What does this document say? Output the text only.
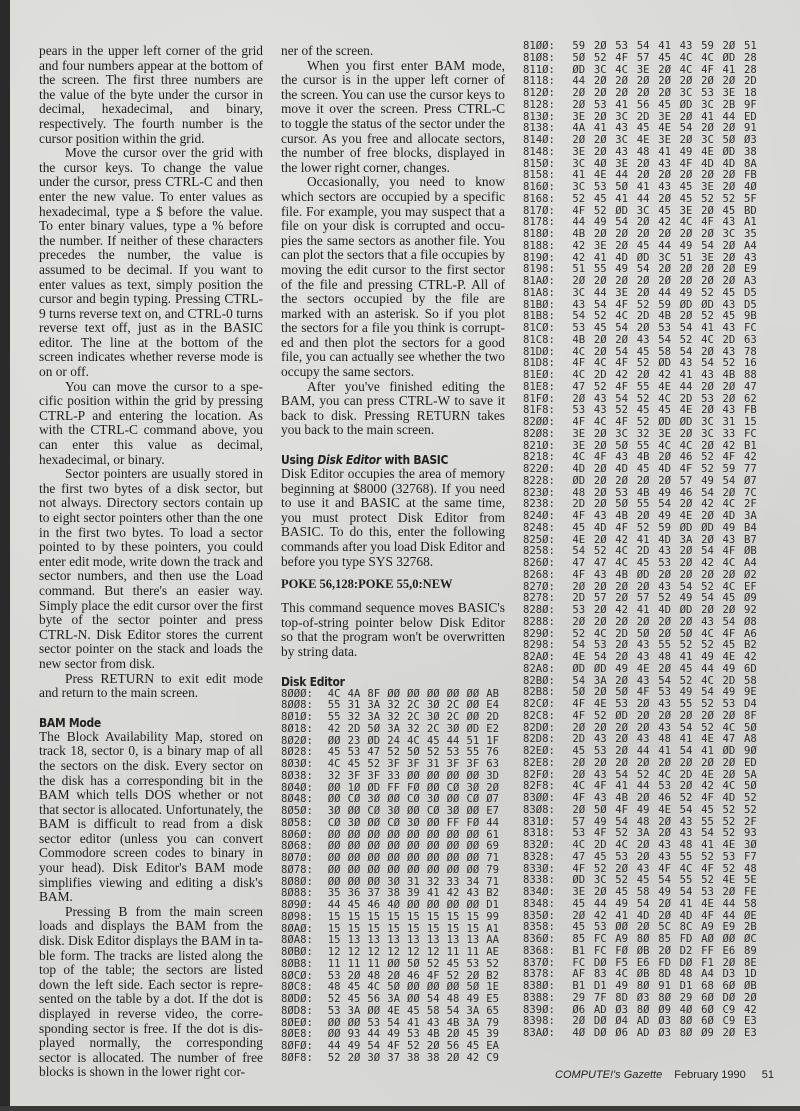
pears in the upper left corner of the grid and four numbers appear at the bottom of the screen. The first three numbers are the value of the byte under the cursor in decimal, hexadecimal, and binary, respectively. The fourth number is the cursor position within the grid.

Move the cursor over the grid with the cursor keys. To change the value under the cursor, press CTRL-C and then enter the new value. To enter values as hexadecimal, type a $ before the value. To enter binary values, type a % before the number. If neither of these characters precedes the number, the value is assumed to be decimal. If you want to enter values as text, simply position the cursor and begin typing. Pressing CTRL-9 turns reverse text on, and CTRL-0 turns reverse text off, just as in the BASIC editor. The line at the bottom of the screen indicates whether reverse mode is on or off.

You can move the cursor to a specific position within the grid by pressing CTRL-P and entering the location. As with the CTRL-C command above, you can enter this value as decimal, hexadecimal, or binary.

Sector pointers are usually stored in the first two bytes of a disk sector, but not always. Directory sectors contain up to eight sector pointers other than the one in the first two bytes. To load a sector pointed to by these pointers, you could enter edit mode, write down the track and sector numbers, and then use the Load command. But there's an easier way. Simply place the edit cursor over the first byte of the sector pointer and press CTRL-N. Disk Editor stores the current sector pointer on the stack and loads the new sector from disk.

Press RETURN to exit edit mode and return to the main screen.

BAM Mode

The Block Availability Map, stored on track 18, sector 0, is a binary map of all the sectors on the disk. Every sector on the disk has a corresponding bit in the BAM which tells DOS whether or not that sector is allocated. Unfortunately, the BAM is difficult to read from a disk sector editor (unless you can convert Commodore screen codes to binary in your head). Disk Editor's BAM mode simplifies viewing and editing a disk's BAM.

Pressing B from the main screen loads and displays the BAM from the disk. Disk Editor displays the BAM in table form. The tracks are listed along the top of the table; the sectors are listed down the left side. Each sector is represented on the table by a dot. If the dot is displayed in reverse video, the corresponding sector is free. If the dot is displayed normally, the corresponding sector is allocated. The number of free blocks is shown in the lower right cor-

ner of the screen.

When you first enter BAM mode, the cursor is in the upper left corner of the screen. You can use the cursor keys to move it over the screen. Press CTRL-C to toggle the status of the sector under the cursor. As you free and allocate sectors, the number of free blocks, displayed in the lower right corner, changes.

Occasionally, you need to know which sectors are occupied by a specific file. For example, you may suspect that a file on your disk is corrupted and occupies the same sectors as another file. You can plot the sectors that a file occupies by moving the edit cursor to the first sector of the file and pressing CTRL-P. All of the sectors occupied by the file are marked with an asterisk. So if you plot the sectors for a file you think is corrupted and then plot the sectors for a good file, you can actually see whether the two occupy the same sectors.

After you've finished editing the BAM, you can press CTRL-W to save it back to disk. Pressing RETURN takes you back to the main screen.

Using Disk Editor with BASIC

Disk Editor occupies the area of memory beginning at $8000 (32768). If you need to use it and BASIC at the same time, you must protect Disk Editor from BASIC. To do this, enter the following commands after you load Disk Editor and before you type SYS 32768.

POKE 56,128:POKE 55,0:NEW

This command sequence moves BASIC's top-of-string pointer below Disk Editor so that the program won't be overwritten by string data.

Disk Editor
8ØØØ:	4C 4A 8F ØØ ØØ ØØ ØØ ØØ AB
8ØØ8:	55 31 3A 32 2C 3Ø 2C ØØ E4
8Ø1Ø:	55 32 3A 32 2C 3Ø 2C ØØ 2D
8Ø18:	42 2D 5Ø 3A 32 2C 3Ø ØD E2
8Ø2Ø:	ØØ 23 ØD 24 4C 45 44 51 1F
8Ø28:	45 53 47 52 5Ø 52 53 55 76
8Ø3Ø:	4C 45 52 3F 3F 31 3F 3F 63
8Ø38:	32 3F 3F 33 ØØ ØØ ØØ ØØ 3D
8Ø4Ø:	ØØ 1Ø ØD FF FØ ØØ CØ 3Ø 2Ø
8Ø48:	ØØ CØ 3Ø ØØ CØ 3Ø ØØ CØ Ø7
8Ø5Ø:	3Ø ØØ CØ 3Ø ØØ CØ 3Ø ØØ E7
8Ø58:	CØ 3Ø ØØ CØ 3Ø ØØ FF FØ 44
8Ø6Ø:	ØØ ØØ ØØ ØØ ØØ ØØ ØØ ØØ 61
8Ø68:	ØØ ØØ ØØ ØØ ØØ ØØ ØØ ØØ 69
8Ø7Ø:	ØØ ØØ ØØ ØØ ØØ ØØ ØØ ØØ 71
8Ø78:	ØØ ØØ ØØ ØØ ØØ ØØ ØØ ØØ 79
8Ø8Ø:	ØØ ØØ ØØ 3Ø 31 32 33 34 71
8Ø88:	35 36 37 38 39 41 42 43 B2
8Ø9Ø:	44 45 46 4Ø ØØ ØØ ØØ ØØ D1
8Ø98:	15 15 15 15 15 15 15 15 99
8ØAØ:	15 15 15 15 15 15 15 15 A1
8ØA8:	15 13 13 13 13 13 13 13 AA
8ØBØ:	12 12 12 12 12 12 11 11 AE
8ØB8:	11 11 11 ØØ 5Ø 52 45 53 52
8ØCØ:	53 2Ø 48 2Ø 46 4F 52 2Ø B2
8ØC8:	48 45 4C 5Ø ØØ ØØ ØØ 5Ø 1E
8ØDØ:	52 45 56 3A ØØ 54 48 49 E5
8ØD8:	53 3A ØØ 4E 45 58 54 3A 65
8ØEØ:	ØØ ØØ 53 54 41 43 4B 3A 79
8ØE8:	ØØ 93 44 49 53 4B 2Ø 45 39
8ØFØ:	44 49 54 4F 52 2Ø 56 45 EA
8ØF8:	52 2Ø 3Ø 37 38 38 2Ø 42 C9
81ØØ:	59 2Ø 53 54 41 43 59 2Ø 51
81Ø8:	5Ø 52 4F 57 45 4C 4C ØD 28
811Ø:	ØD 3C 4C 3E 2Ø 4C 4F 41 28
8118:	44 2Ø 2Ø 2Ø 2Ø 2Ø 2Ø 2Ø 2D
812Ø:	2Ø 2Ø 2Ø 2Ø 2Ø 3C 53 3E 18
8128:	2Ø 53 41 56 45 ØD 3C 2B 9F
813Ø:	3E 2Ø 3C 2D 3E 2Ø 41 44 ED
8138:	4A 41 43 45 4E 54 2Ø 2Ø 91
814Ø:	2Ø 2Ø 3C 4E 3E 2Ø 3C 5Ø Ø3
8148:	3E 2Ø 43 48 41 49 4E ØD 38
815Ø:	3C 4Ø 3E 2Ø 43 4F 4D 4D 8A
8158:	41 4E 44 2Ø 2Ø 2Ø 2Ø 2Ø FB
816Ø:	3C 53 5Ø 41 43 45 3E 2Ø 4Ø
8168:	52 45 41 44 2Ø 45 52 52 5F
817Ø:	4F 52 ØD 3C 45 3E 2Ø 45 BD
8178:	44 49 54 2Ø 42 4C 4F 43 A1
818Ø:	4B 2Ø 2Ø 2Ø 2Ø 2Ø 2Ø 3C 35
8188:	42 3E 2Ø 45 44 49 54 2Ø A4
819Ø:	42 41 4D ØD 3C 51 3E 2Ø 43
8198:	51 55 49 54 2Ø 2Ø 2Ø 2Ø E9
81AØ:	2Ø 2Ø 2Ø 2Ø 2Ø 2Ø 2Ø 2Ø A3
81A8:	3C 44 3E 2Ø 44 49 52 45 D5
81BØ:	43 54 4F 52 59 ØD ØD 43 D5
81B8:	54 52 4C 2D 4B 2Ø 52 45 9B
81CØ:	53 45 54 2Ø 53 54 41 43 FC
81C8:	4B 2Ø 2Ø 43 54 52 4C 2D 63
81DØ:	4C 2Ø 54 45 58 54 2Ø 43 78
81D8:	4F 4C 4F 52 ØD 43 54 52 16
81EØ:	4C 2D 42 2Ø 42 41 43 4B 88
81E8:	47 52 4F 55 4E 44 2Ø 2Ø 47
81FØ:	2Ø 43 54 52 4C 2D 53 2Ø 62
81F8:	53 43 52 45 45 4E 2Ø 43 FB
82ØØ:	4F 4C 4F 52 ØD ØD 3C 31 15
82Ø8:	3E 2Ø 3C 32 3E 2Ø 3C 33 FC
821Ø:	3E 2Ø 5Ø 55 4C 4C 2Ø 42 B1
8218:	4C 4F 43 4B 2Ø 46 52 4F 42
822Ø:	4D 2Ø 4D 45 4D 4F 52 59 77
8228:	ØD 2Ø 2Ø 2Ø 2Ø 57 49 54 Ø7
823Ø:	48 2Ø 53 4B 49 46 54 2Ø 7C
8238:	2D 2Ø 5Ø 55 54 2Ø 42 4C 2F
824Ø:	4F 43 4B 2Ø 49 4E 2Ø 4D 3A
8248:	45 4D 4F 52 59 ØD ØD 49 B4
825Ø:	4E 2Ø 42 41 4D 3A 2Ø 43 B7
8258:	54 52 4C 2D 43 2Ø 54 4F ØB
826Ø:	47 47 4C 45 53 2Ø 42 4C A4
8268:	4F 43 4B ØD 2Ø 2Ø 2Ø 2Ø Ø2
827Ø:	2Ø 2Ø 2Ø 2Ø 43 54 52 4C EF
8278:	2D 57 2Ø 57 52 49 54 45 Ø9
828Ø:	53 2Ø 42 41 4D ØD 2Ø 2Ø 92
8288:	2Ø 2Ø 2Ø 2Ø 2Ø 2Ø 43 54 Ø8
829Ø:	52 4C 2D 5Ø 2Ø 5Ø 4C 4F A6
8298:	54 53 2Ø 43 55 52 52 45 B2
82AØ:	4E 54 2Ø 43 48 41 49 4E 42
82A8:	ØD ØD 49 4E 2Ø 45 44 49 6D
82BØ:	54 3A 2Ø 43 54 52 4C 2D 58
82B8:	5Ø 2Ø 5Ø 4F 53 49 54 49 9E
82CØ:	4F 4E 53 2Ø 43 55 52 53 D4
82C8:	4F 52 ØD 2Ø 2Ø 2Ø 2Ø 2Ø 8F
82DØ:	2Ø 2Ø 2Ø 2Ø 43 54 52 4C 5Ø
82D8:	2D 43 2Ø 43 48 41 4E 47 A8
82EØ:	45 53 2Ø 44 41 54 41 ØD 9Ø
82E8:	2Ø 2Ø 2Ø 2Ø 2Ø 2Ø 2Ø 2Ø ED
82FØ:	2Ø 43 54 52 4C 2D 4E 2Ø 5A
82F8:	4C 4F 41 44 53 2Ø 42 4C 5Ø
83ØØ:	4F 43 4B 2Ø 46 52 4F 4D 52
83Ø8:	2Ø 5Ø 4F 49 4E 54 45 52 52
831Ø:	57 49 54 48 2Ø 43 55 52 2F
8318:	53 4F 52 3A 2Ø 43 54 52 93
832Ø:	4C 2D 4C 2Ø 43 48 41 4E 3Ø
8328:	47 45 53 2Ø 43 55 52 53 F7
833Ø:	4F 52 2Ø 43 4F 4C 4F 52 48
8338:	ØD 3C 52 45 54 55 52 4E 5E
834Ø:	3E 2Ø 45 58 49 54 53 2Ø FE
8348:	45 44 49 54 2Ø 41 4E 44 58
835Ø:	2Ø 42 41 4D 2Ø 4D 4F 44 ØE
8358:	45 53 ØØ 2Ø 5C 8C A9 E9 2B
836Ø:	85 FC A9 8Ø 85 FD AØ ØØ ØC
8368:	B1 FC FØ ØB 2Ø D2 FF E6 89
837Ø:	FC DØ F5 E6 FD DØ F1 2Ø 8E
8378:	AF 83 4C ØB 8D 48 A4 D3 1D
838Ø:	B1 D1 49 8Ø 91 D1 68 6Ø ØB
8388:	29 7F 8D Ø3 8Ø 29 6Ø DØ 2Ø
839Ø:	Ø6 AD Ø3 8Ø Ø9 4Ø 6Ø C9 42
8398:	2Ø DØ Ø4 AD Ø3 8Ø 6Ø C9 E3
83AØ:	4Ø DØ Ø6 AD Ø3 8Ø Ø9 2Ø E3
COMPUTE!'s Gazette February 1990 51
